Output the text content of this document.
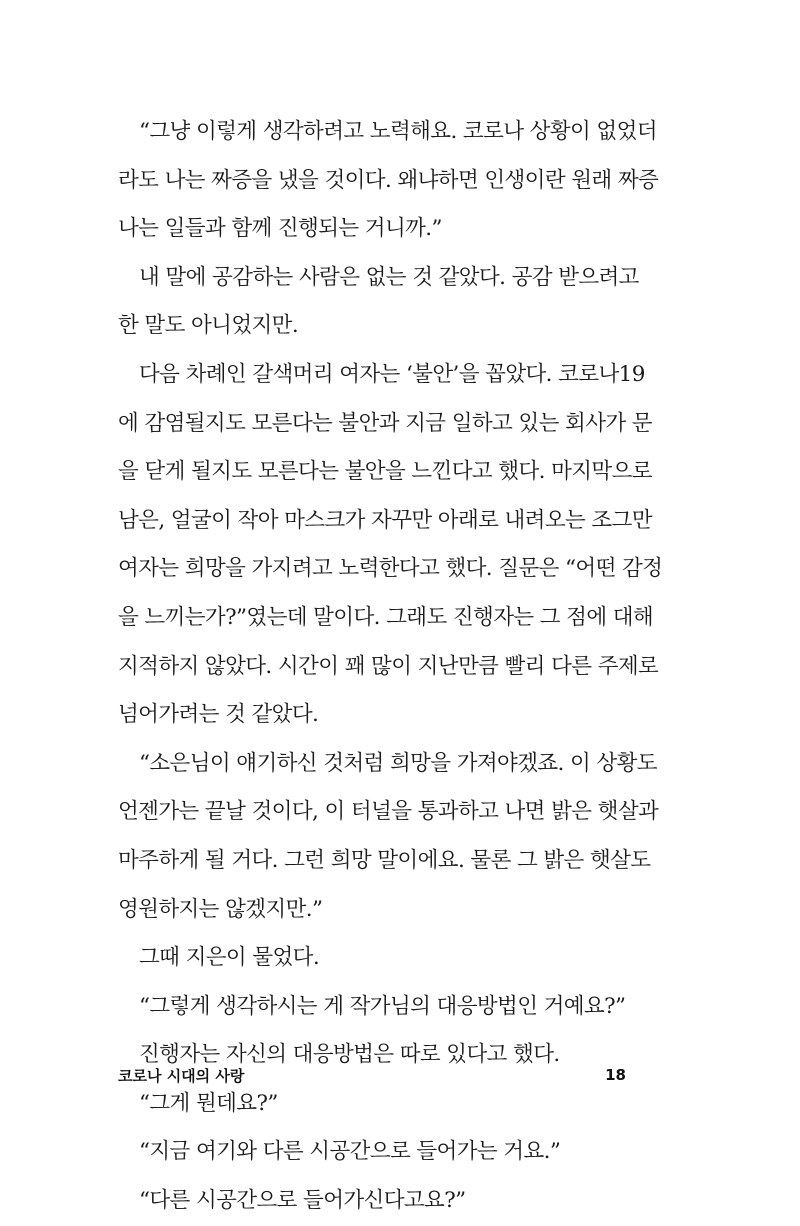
“그냥 이렇게 생각하려고 노력해요. 코로나 상황이 없었더
라도 나는 짜증을 냈을 것이다. 왜냐하면 인생이란 원래 짜증
나는 일들과 함께 진행되는 거니까.”
내 말에 공감하는 사람은 없는 것 같았다. 공감 받으려고
한 말도 아니었지만.
다음 차례인 갈색머리 여자는 ‘불안’을 꼽았다. 코로나19
에 감염될지도 모른다는 불안과 지금 일하고 있는 회사가 문
을 닫게 될지도 모른다는 불안을 느낀다고 했다. 마지막으로
남은, 얼굴이 작아 마스크가 자꾸만 아래로 내려오는 조그만
여자는 희망을 가지려고 노력한다고 했다. 질문은 “어떤 감정
을 느끼는가?”였는데 말이다. 그래도 진행자는 그 점에 대해
지적하지 않았다. 시간이 꽤 많이 지난만큼 빨리 다른 주제로
넘어가려는 것 같았다.
“소은님이 얘기하신 것처럼 희망을 가져야겠죠. 이 상황도
언젠가는 끝날 것이다, 이 터널을 통과하고 나면 밝은 햇살과
마주하게 될 거다. 그런 희망 말이에요. 물론 그 밝은 햇살도
영원하지는 않겠지만.”
그때 지은이 물었다.
“그렇게 생각하시는 게 작가님의 대응방법인 거예요?”
진행자는 자신의 대응방법은 따로 있다고 했다.
“그게 뭔데요?”
“지금 여기와 다른 시공간으로 들어가는 거요.”
“다른 시공간으로 들어가신다고요?”
코로나 시대의 사랑	18
